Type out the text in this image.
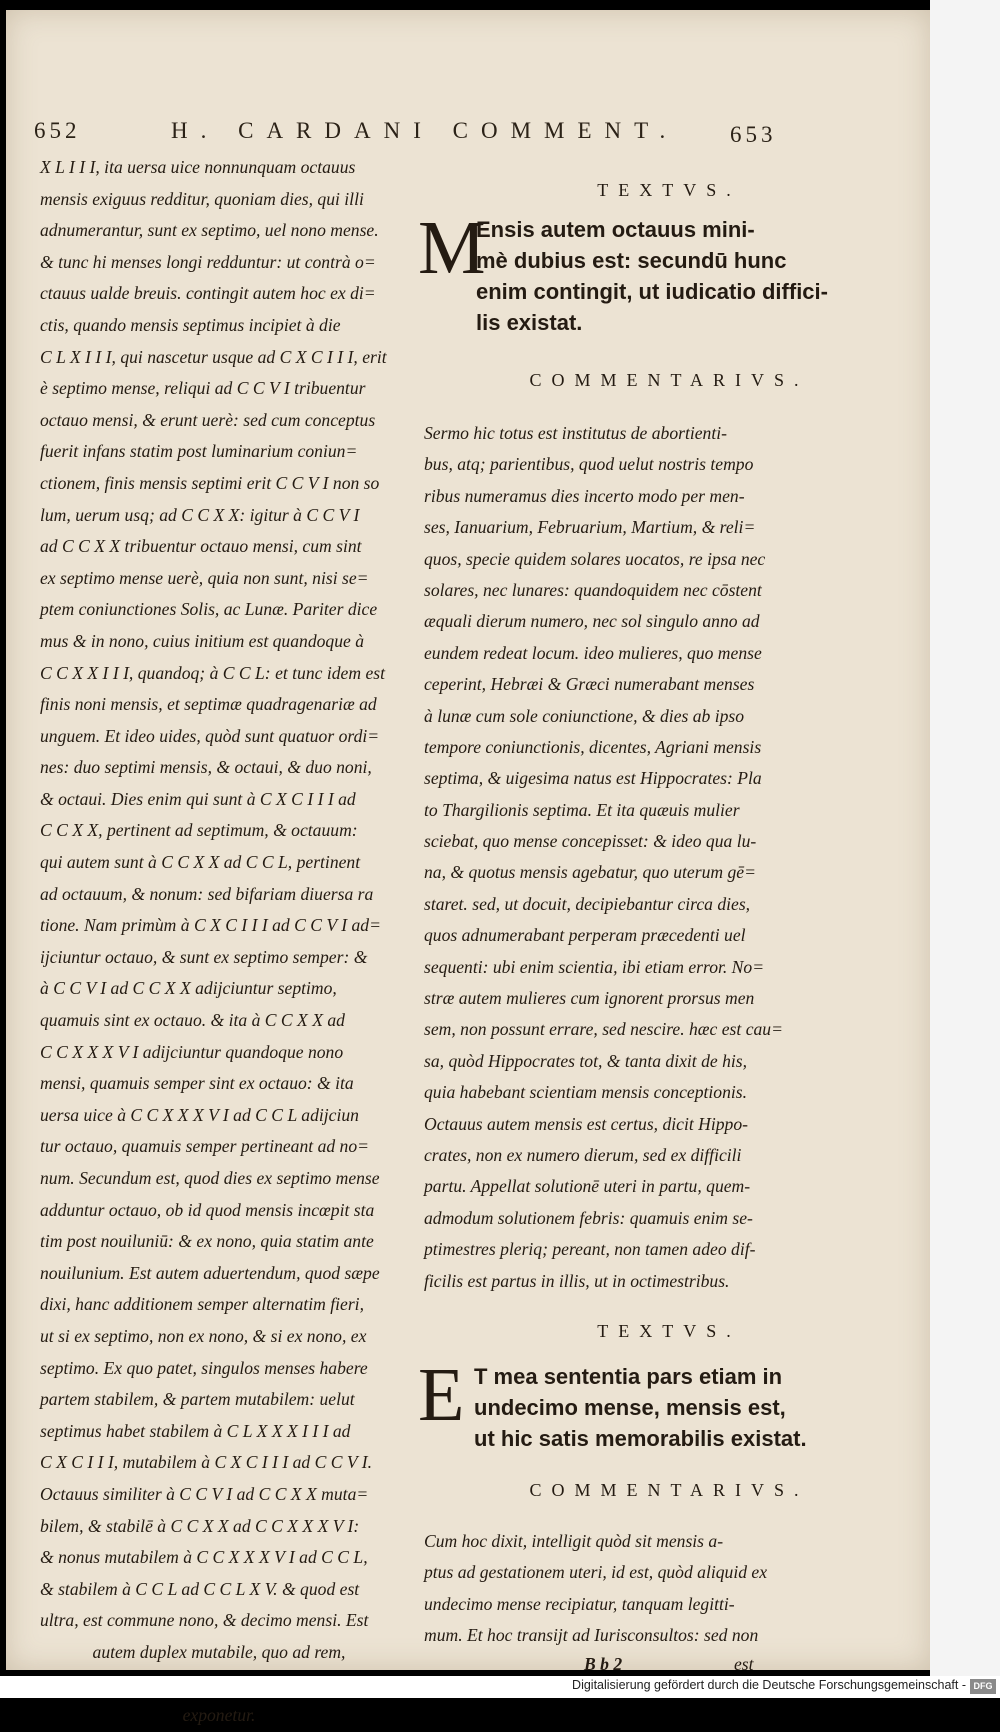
652	H. CARDANI COMMENT. 653
X L I I I, ita uersa uice nonnunquam octauus
mensis exiguus redditur, quoniam dies, qui illi
adnumerantur, sunt ex septimo, uel nono mense.
& tunc hi menses longi redduntur: ut contrà o=
ctauus ualde breuis. contingit autem hoc ex di=
ctis, quando mensis septimus incipiet à die
C L X I I I, qui nascetur usque ad C X C I I I, erit
è septimo mense, reliqui ad C C V I tribuentur
octauo mensi, & erunt uerè: sed cum conceptus
fuerit infans statim post luminarium coniun=
ctionem, finis mensis septimi erit C C V I non so
lum, uerum usq; ad C C X X: igitur à C C V I
ad C C X X tribuentur octauo mensi, cum sint
ex septimo mense uerè, quia non sunt, nisi se=
ptem coniunctiones Solis, ac Lunæ. Pariter dice
mus & in nono, cuius initium est quandoque à
C C X X I I I, quandoq; à C C L: et tunc idem est
finis noni mensis, et septimæ quadragenariæ ad
unguem. Et ideo uides, quòd sunt quatuor ordi=
nes: duo septimi mensis, & octaui, & duo noni,
& octaui. Dies enim qui sunt à C X C I I I ad
C C X X, pertinent ad septimum, & octauum:
qui autem sunt à C C X X ad C C L, pertinent
ad octauum, & nonum: sed bifariam diuersa ra
tione. Nam primùm à C X C I I I ad C C V I ad=
ijciuntur octauo, & sunt ex septimo semper: &
à C C V I ad C C X X adijciuntur septimo,
quamuis sint ex octauo. & ita à C C X X ad
C C X X X V I adijciuntur quandoque nono
mensi, quamuis semper sint ex octauo: & ita
uersa uice à C C X X X V I ad C C L adijciun
tur octauo, quamuis semper pertineant ad no=
num. Secundum est, quod dies ex septimo mense
adduntur octauo, ob id quod mensis incœpit sta
tim post nouiluniū: & ex nono, quia statim ante
nouilunium. Est autem aduertendum, quod sæpe
dixi, hanc additionem semper alternatim fieri,
ut si ex septimo, non ex nono, & si ex nono, ex
septimo. Ex quo patet, singulos menses habere
partem stabilem, & partem mutabilem: uelut
septimus habet stabilem à C L X X X I I I ad
C X C I I I, mutabilem à C X C I I I ad C C V I.
Octauus similiter à C C V I ad C C X X muta=
bilem, & stabilē à C C X X ad C C X X X V I:
& nonus mutabilem à C C X X X V I ad C C L,
& stabilem à C C L ad C C L X V. & quod est
ultra, est commune nono, & decimo mensi. Est
autem duplex mutabile, quo ad rem,
exponetur.
TEXTVS.
M
Ensis autem octauus mini-
mè dubius est: secundū hunc
enim contingit, ut iudicatio diffici-
lis existat.
COMMENTARIVS.
Sermo hic totus est institutus de abortienti-
bus, atq; parientibus, quod uelut nostris tempo
ribus numeramus dies incerto modo per men-
ses, Ianuarium, Februarium, Martium, & reli=
quos, specie quidem solares uocatos, re ipsa nec
solares, nec lunares: quandoquidem nec cōstent
æquali dierum numero, nec sol singulo anno ad
eundem redeat locum. ideo mulieres, quo mense
ceperint, Hebræi & Græci numerabant menses
à lunæ cum sole coniunctione, & dies ab ipso
tempore coniunctionis, dicentes, Agriani mensis
septima, & uigesima natus est Hippocrates: Pla
to Thargilionis septima. Et ita quæuis mulier
sciebat, quo mense concepisset: & ideo qua lu-
na, & quotus mensis agebatur, quo uterum gē=
staret. sed, ut docuit, decipiebantur circa dies,
quos adnumerabant perperam præcedenti uel
sequenti: ubi enim scientia, ibi etiam error. No=
stræ autem mulieres cum ignorent prorsus men
sem, non possunt errare, sed nescire. hæc est cau=
sa, quòd Hippocrates tot, & tanta dixit de his,
quia habebant scientiam mensis conceptionis.
Octauus autem mensis est certus, dicit Hippo-
crates, non ex numero dierum, sed ex difficili
partu. Appellat solutionē uteri in partu, quem-
admodum solutionem febris: quamuis enim se-
ptimestres pleriq; pereant, non tamen adeo dif-
ficilis est partus in illis, ut in octimestribus.
TEXTVS.
E T mea sententia pars etiam in
undecimo mense, mensis est,
ut hic satis memorabilis existat.
COMMENTARIVS.
Cum hoc dixit, intelligit quòd sit mensis a-
ptus ad gestationem uteri, id est, quòd aliquid ex
undecimo mense recipiatur, tanquam legitti-
mum. Et hoc transijt ad Iurisconsultos: sed non
B b 2	est
Digitalisierung gefördert durch die Deutsche Forschungsgemeinschaft - DFG
